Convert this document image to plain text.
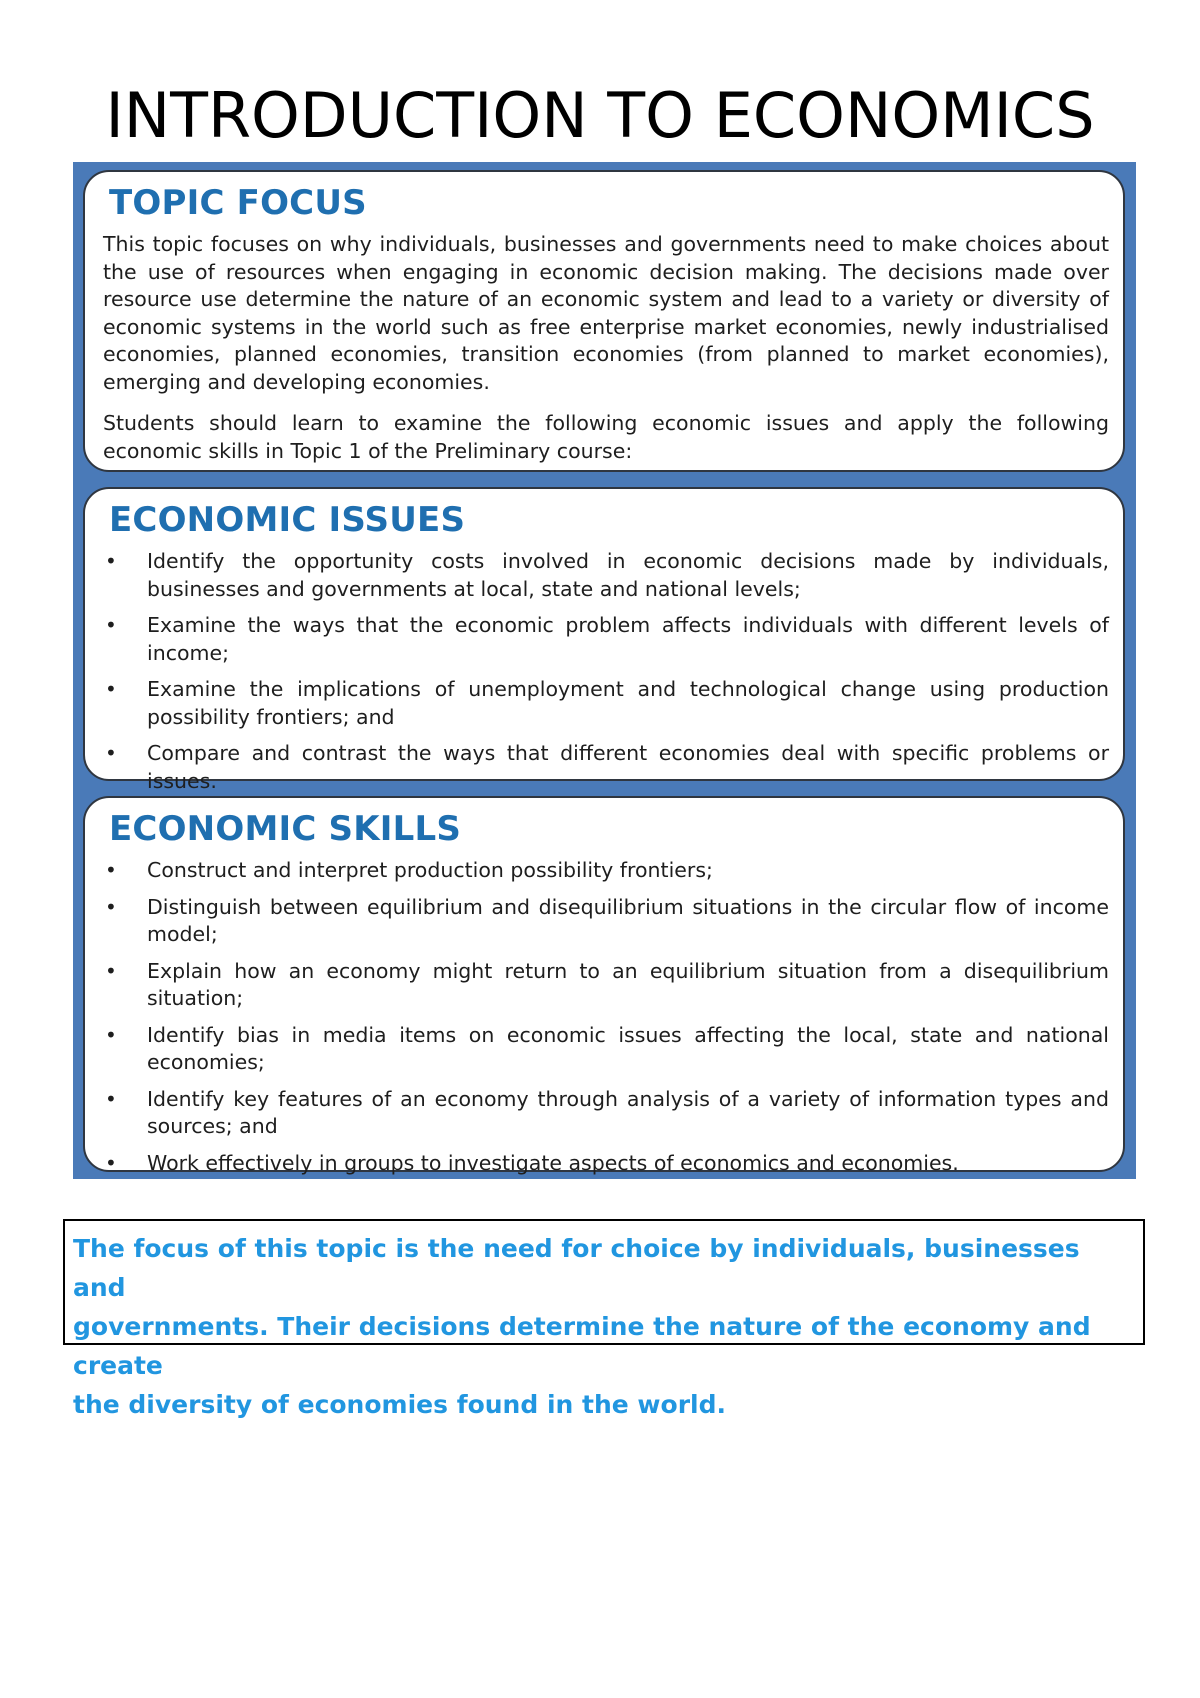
INTRODUCTION TO ECONOMICS
TOPIC FOCUS

This topic focuses on why individuals, businesses and governments need to make choices about the use of resources when engaging in economic decision making. The decisions made over resource use determine the nature of an economic system and lead to a variety or diversity of economic systems in the world such as free enterprise market economies, newly industrialised economies, planned economies, transition economies (from planned to market economies), emerging and developing economies.

Students should learn to examine the following economic issues and apply the following economic skills in Topic 1 of the Preliminary course:

ECONOMIC ISSUES
• Identify the opportunity costs involved in economic decisions made by individuals, businesses and governments at local, state and national levels;
• Examine the ways that the economic problem affects individuals with different levels of income;
• Examine the implications of unemployment and technological change using production possibility frontiers; and
• Compare and contrast the ways that different economies deal with specific problems or issues.
ECONOMIC SKILLS
• Construct and interpret production possibility frontiers;
• Distinguish between equilibrium and disequilibrium situations in the circular flow of income model;
• Explain how an economy might return to an equilibrium situation from a disequilibrium situation;
• Identify bias in media items on economic issues affecting the local, state and national economies;
• Identify key features of an economy through analysis of a variety of information types and sources; and
• Work effectively in groups to investigate aspects of economics and economies.
The focus of this topic is the need for choice by individuals, businesses and
governments. Their decisions determine the nature of the economy and create
the diversity of economies found in the world.
